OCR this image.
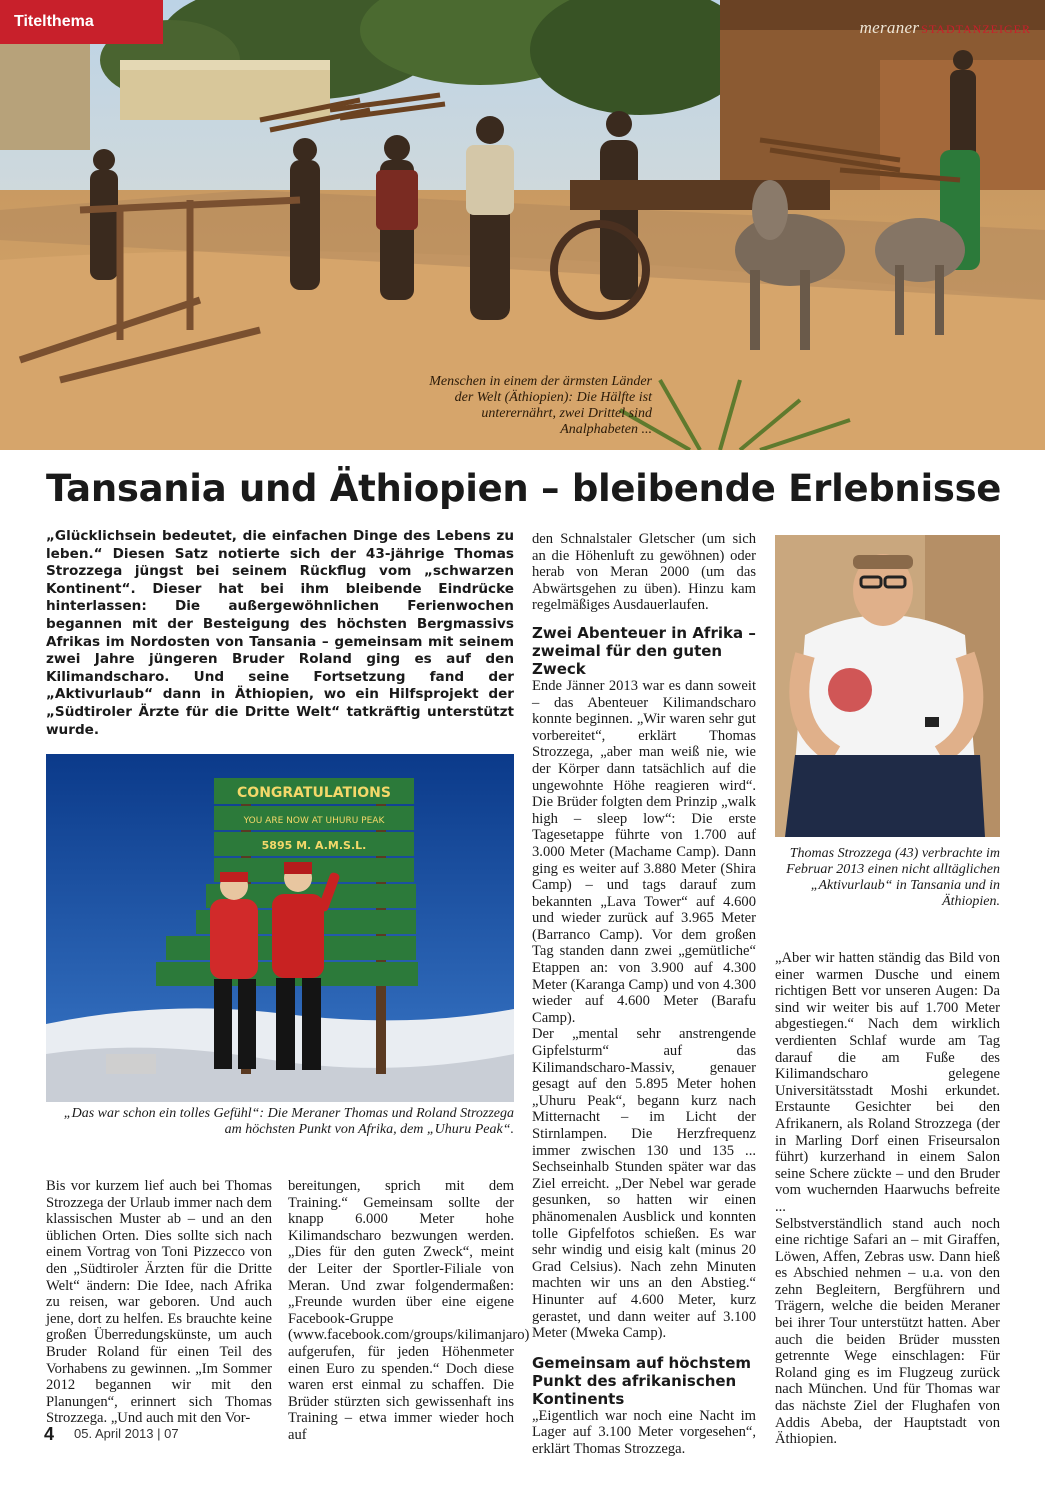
Titelthema	meraner STADTANZEIGER
Menschen in einem der ärmsten Länder der Welt (Äthiopien): Die Hälfte ist unterernährt, zwei Drittel sind Analphabeten ...
Tansania und Äthiopien – bleibende Erlebnisse

„Glücklichsein bedeutet, die einfachen Dinge des Lebens zu leben.“ Diesen Satz notierte sich der 43-jährige Thomas Strozzega jüngst bei seinem Rückflug vom „schwarzen Kontinent“. Dieser hat bei ihm bleibende Eindrücke hinterlassen: Die außergewöhnlichen Ferienwochen begannen mit der Besteigung des höchsten Bergmassivs Afrikas im Nordosten von Tansania – gemeinsam mit seinem zwei Jahre jüngeren Bruder Roland ging es auf den Kilimandscharo. Und seine Fortsetzung fand der „Aktivurlaub“ dann in Äthiopien, wo ein Hilfsprojekt der „Südtiroler Ärzte für die Dritte Welt“ tatkräftig unterstützt wurde.

CONGRATULATIONS
YOU ARE NOW AT UHURU PEAK
5895 M. A.M.S.L.
„Das war schon ein tolles Gefühl“: Die Meraner Thomas und Roland Strozzega am höchsten Punkt von Afrika, dem „Uhuru Peak“.
Thomas Strozzega (43) verbrachte im Februar 2013 einen nicht alltäglichen „Aktivurlaub“ in Tansania und in Äthiopien.
Bis vor kurzem lief auch bei Thomas Strozzega der Urlaub immer nach dem klassischen Muster ab – und an den üblichen Orten. Dies sollte sich nach einem Vortrag von Toni Pizzecco von den „Südtiroler Ärzten für die Dritte Welt“ ändern: Die Idee, nach Afrika zu reisen, war geboren. Und auch jene, dort zu helfen. Es brauchte keine großen Überredungskünste, um auch Bruder Roland für einen Teil des Vorhabens zu gewinnen. „Im Sommer 2012 begannen wir mit den Planungen“, erinnert sich Thomas Strozzega. „Und auch mit den Vor-
bereitungen, sprich mit dem Training.“ Gemeinsam sollte der knapp 6.000 Meter hohe Kilimandscharo bezwungen werden. „Dies für den guten Zweck“, meint der Leiter der Sportler-Filiale von Meran. Und zwar folgendermaßen: „Freunde wurden über eine eigene Facebook-Gruppe (www.facebook.com/groups/kilimanjaro) aufgerufen, für jeden Höhenmeter einen Euro zu spenden.“ Doch diese waren erst einmal zu schaffen. Die Brüder stürzten sich gewissenhaft ins Training – etwa immer wieder hoch auf

den Schnalstaler Gletscher (um sich an die Höhenluft zu gewöhnen) oder herab von Meran 2000 (um das Abwärtsgehen zu üben). Hinzu kam regelmäßiges Ausdauerlaufen.

Zwei Abenteuer in Afrika – zweimal für den guten Zweck

Ende Jänner 2013 war es dann soweit – das Abenteuer Kilimandscharo konnte beginnen. „Wir waren sehr gut vorbereitet“, erklärt Thomas Strozzega, „aber man weiß nie, wie der Körper dann tatsächlich auf die ungewohnte Höhe reagieren wird“. Die Brüder folgten dem Prinzip „walk high – sleep low“: Die erste Tagesetappe führte von 1.700 auf 3.000 Meter (Machame Camp). Dann ging es weiter auf 3.880 Meter (Shira Camp) – und tags darauf zum bekannten „Lava Tower“ auf 4.600 und wieder zurück auf 3.965 Meter (Barranco Camp). Vor dem großen Tag standen dann zwei „gemütliche“ Etappen an: von 3.900 auf 4.300 Meter (Karanga Camp) und von 4.300 wieder auf 4.600 Meter (Barafu Camp).

Der „mental sehr anstrengende Gipfelsturm“ auf das Kilimandscharo-Massiv, genauer gesagt auf den 5.895 Meter hohen „Uhuru Peak“, begann kurz nach Mitternacht – im Licht der Stirnlampen. Die Herzfrequenz immer zwischen 130 und 135 ... Sechseinhalb Stunden später war das Ziel erreicht. „Der Nebel war gerade gesunken, so hatten wir einen phänomenalen Ausblick und konnten tolle Gipfelfotos schießen. Es war sehr windig und eisig kalt (minus 20 Grad Celsius). Nach zehn Minuten machten wir uns an den Abstieg.“ Hinunter auf 4.600 Meter, kurz gerastet, und dann weiter auf 3.100 Meter (Mweka Camp).

Gemeinsam auf höchstem Punkt des afrikanischen Kontinents

„Eigentlich war noch eine Nacht im Lager auf 3.100 Meter vorgesehen“, erklärt Thomas Strozzega.

„Aber wir hatten ständig das Bild von einer warmen Dusche und einem richtigen Bett vor unseren Augen: Da sind wir weiter bis auf 1.700 Meter abgestiegen.“ Nach dem wirklich verdienten Schlaf wurde am Tag darauf die am Fuße des Kilimandscharo gelegene Universitätsstadt Moshi erkundet. Erstaunte Gesichter bei den Afrikanern, als Roland Strozzega (der in Marling Dorf einen Friseursalon führt) kurzerhand in einem Salon seine Schere zückte – und den Bruder vom wuchernden Haarwuchs befreite ...

Selbstverständlich stand auch noch eine richtige Safari an – mit Giraffen, Löwen, Affen, Zebras usw. Dann hieß es Abschied nehmen – u.a. von den zehn Begleitern, Bergführern und Trägern, welche die beiden Meraner bei ihrer Tour unterstützt hatten. Aber auch die beiden Brüder mussten getrennte Wege einschlagen: Für Roland ging es im Flugzeug zurück nach München. Und für Thomas war das nächste Ziel der Flughafen von Addis Abeba, der Hauptstadt von Äthiopien.

4 05. April 2013 | 07
